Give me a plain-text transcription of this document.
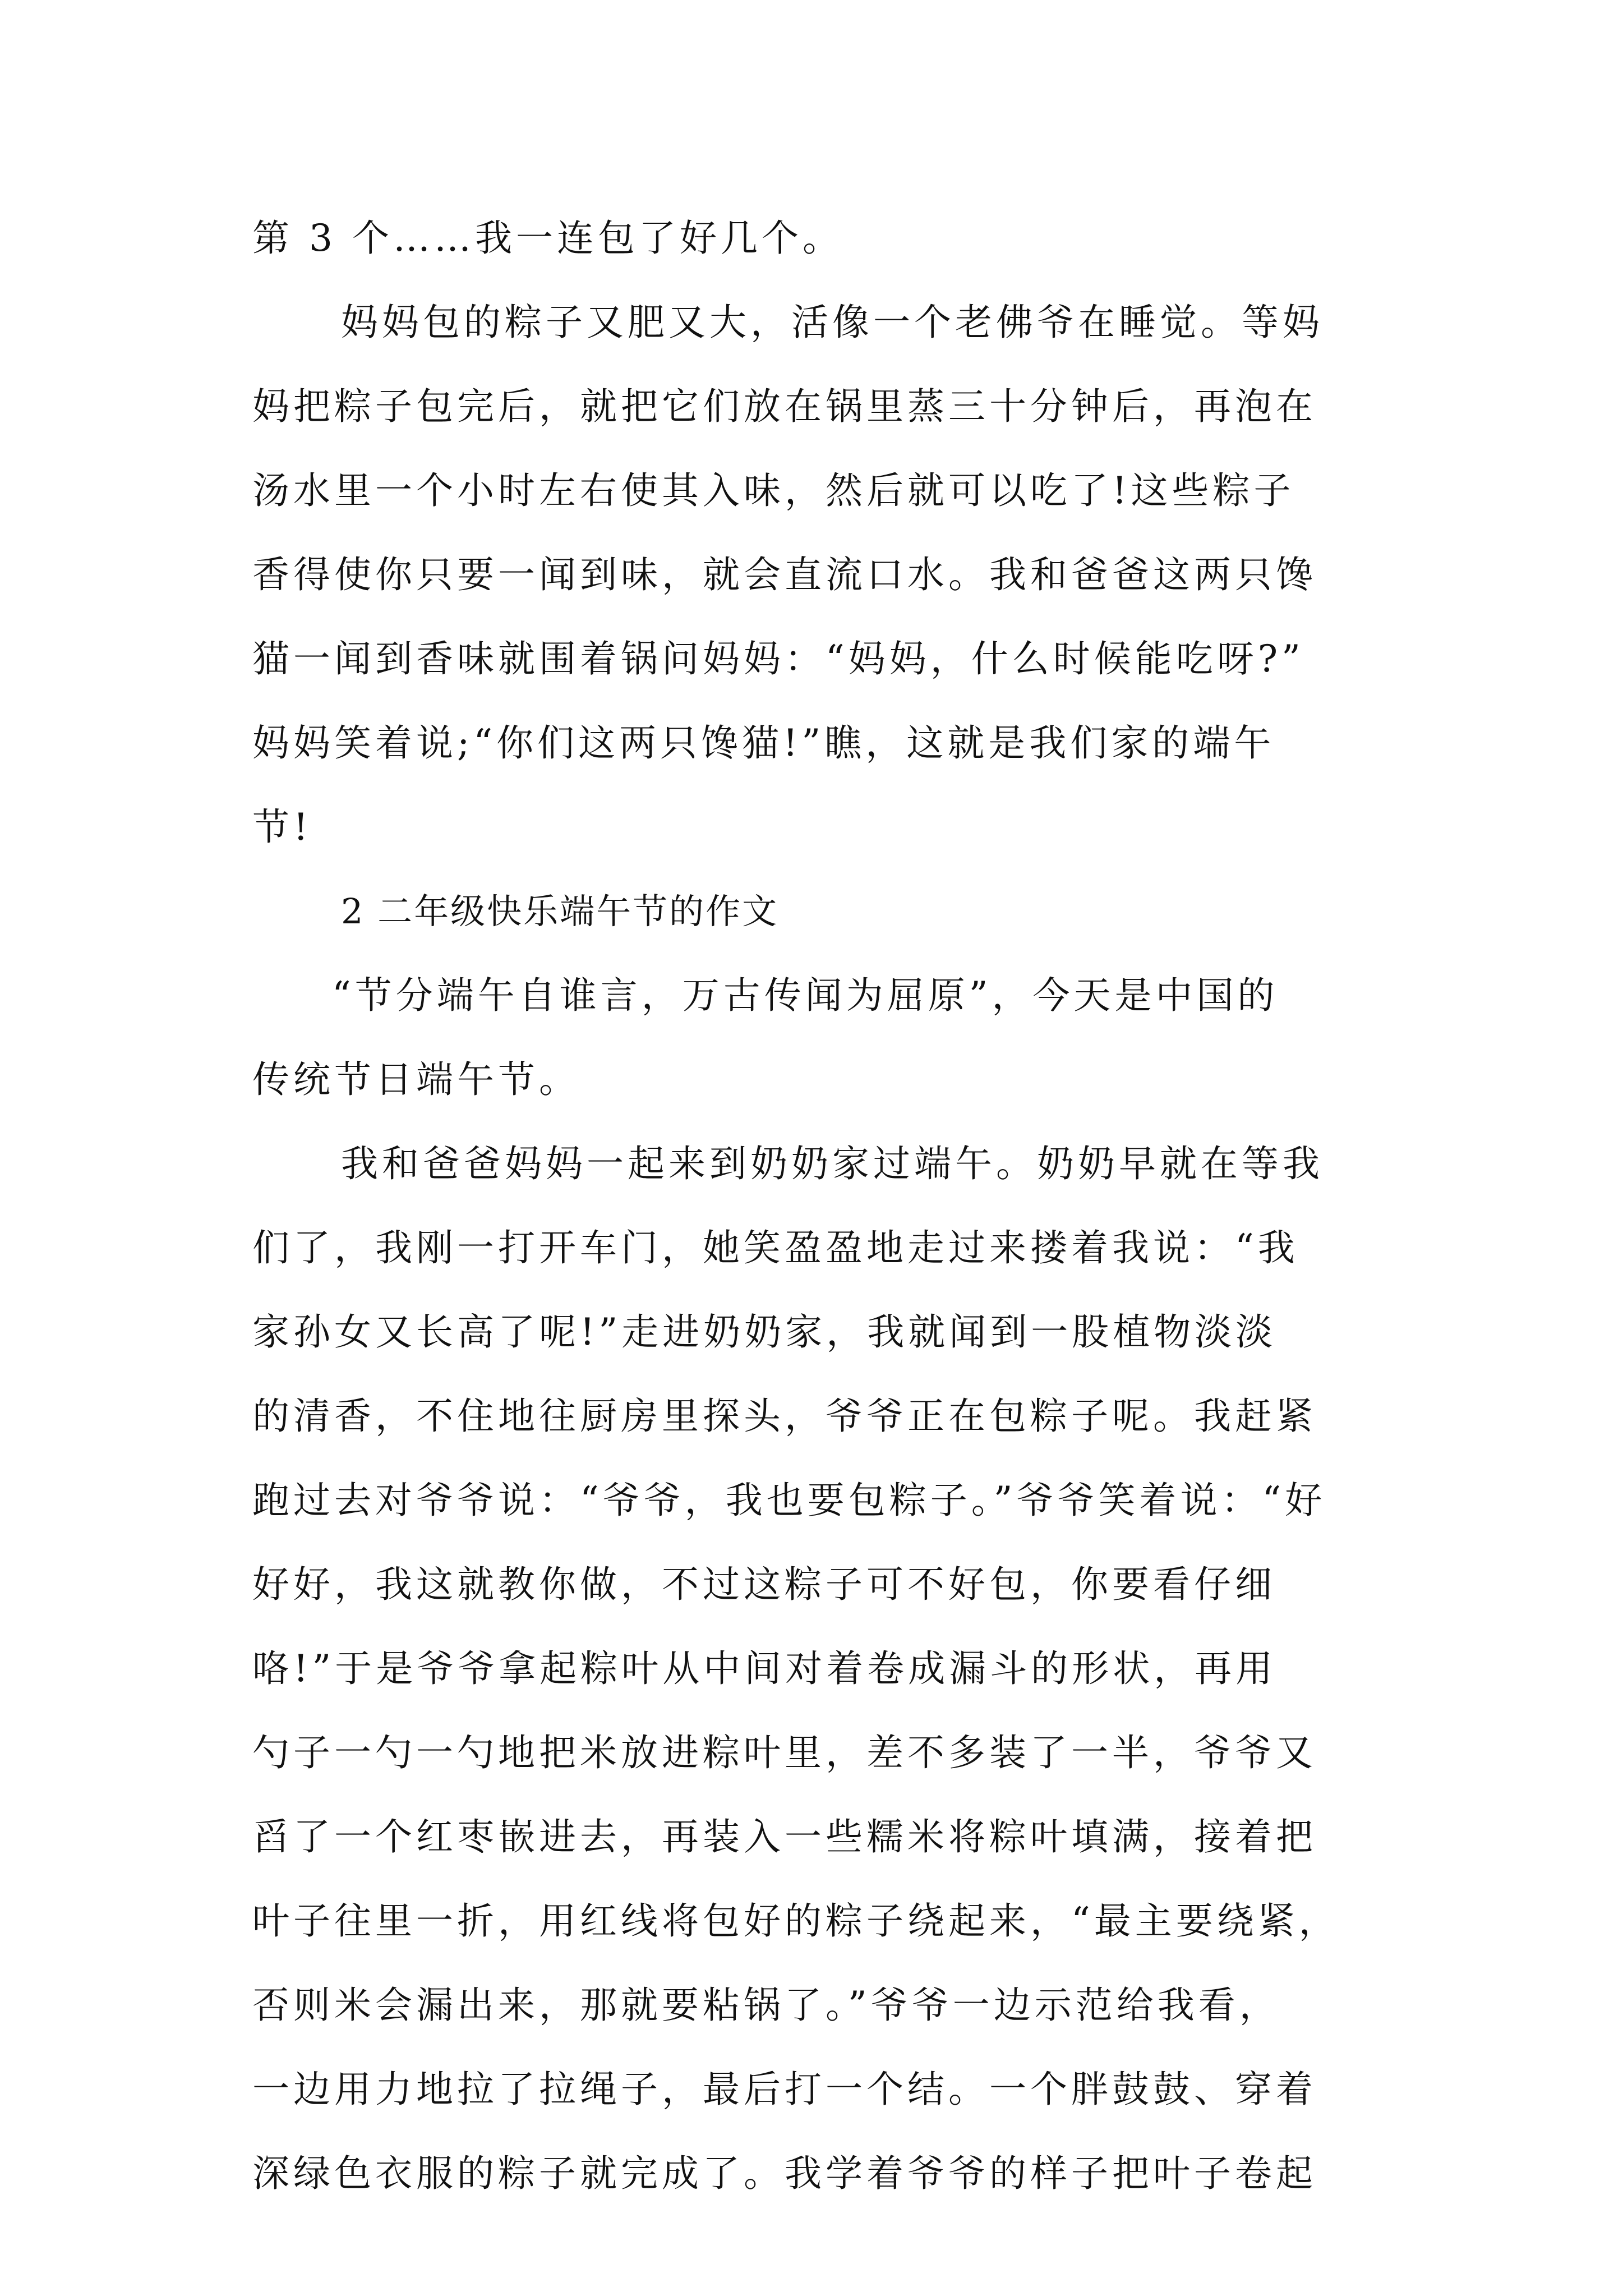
第 3 个……我一连包了好几个。
妈妈包的粽子又肥又大，活像一个老佛爷在睡觉。等妈
妈把粽子包完后，就把它们放在锅里蒸三十分钟后，再泡在
汤水里一个小时左右使其入味，然后就可以吃了!这些粽子
香得使你只要一闻到味，就会直流口水。我和爸爸这两只馋
猫一闻到香味就围着锅问妈妈：“妈妈，什么时候能吃呀?”
妈妈笑着说;“你们这两只馋猫!”瞧，这就是我们家的端午
节!
2 二年级快乐端午节的作文
“节分端午自谁言，万古传闻为屈原”，今天是中国的
传统节日端午节。
我和爸爸妈妈一起来到奶奶家过端午。奶奶早就在等我
们了，我刚一打开车门，她笑盈盈地走过来搂着我说：“我
家孙女又长高了呢!”走进奶奶家，我就闻到一股植物淡淡
的清香，不住地往厨房里探头，爷爷正在包粽子呢。我赶紧
跑过去对爷爷说：“爷爷，我也要包粽子。”爷爷笑着说：“好
好好，我这就教你做，不过这粽子可不好包，你要看仔细
咯!”于是爷爷拿起粽叶从中间对着卷成漏斗的形状，再用
勺子一勺一勺地把米放进粽叶里，差不多装了一半，爷爷又
舀了一个红枣嵌进去，再装入一些糯米将粽叶填满，接着把
叶子往里一折，用红线将包好的粽子绕起来，“最主要绕紧，
否则米会漏出来，那就要粘锅了。”爷爷一边示范给我看，
一边用力地拉了拉绳子，最后打一个结。一个胖鼓鼓、穿着
深绿色衣服的粽子就完成了。我学着爷爷的样子把叶子卷起
